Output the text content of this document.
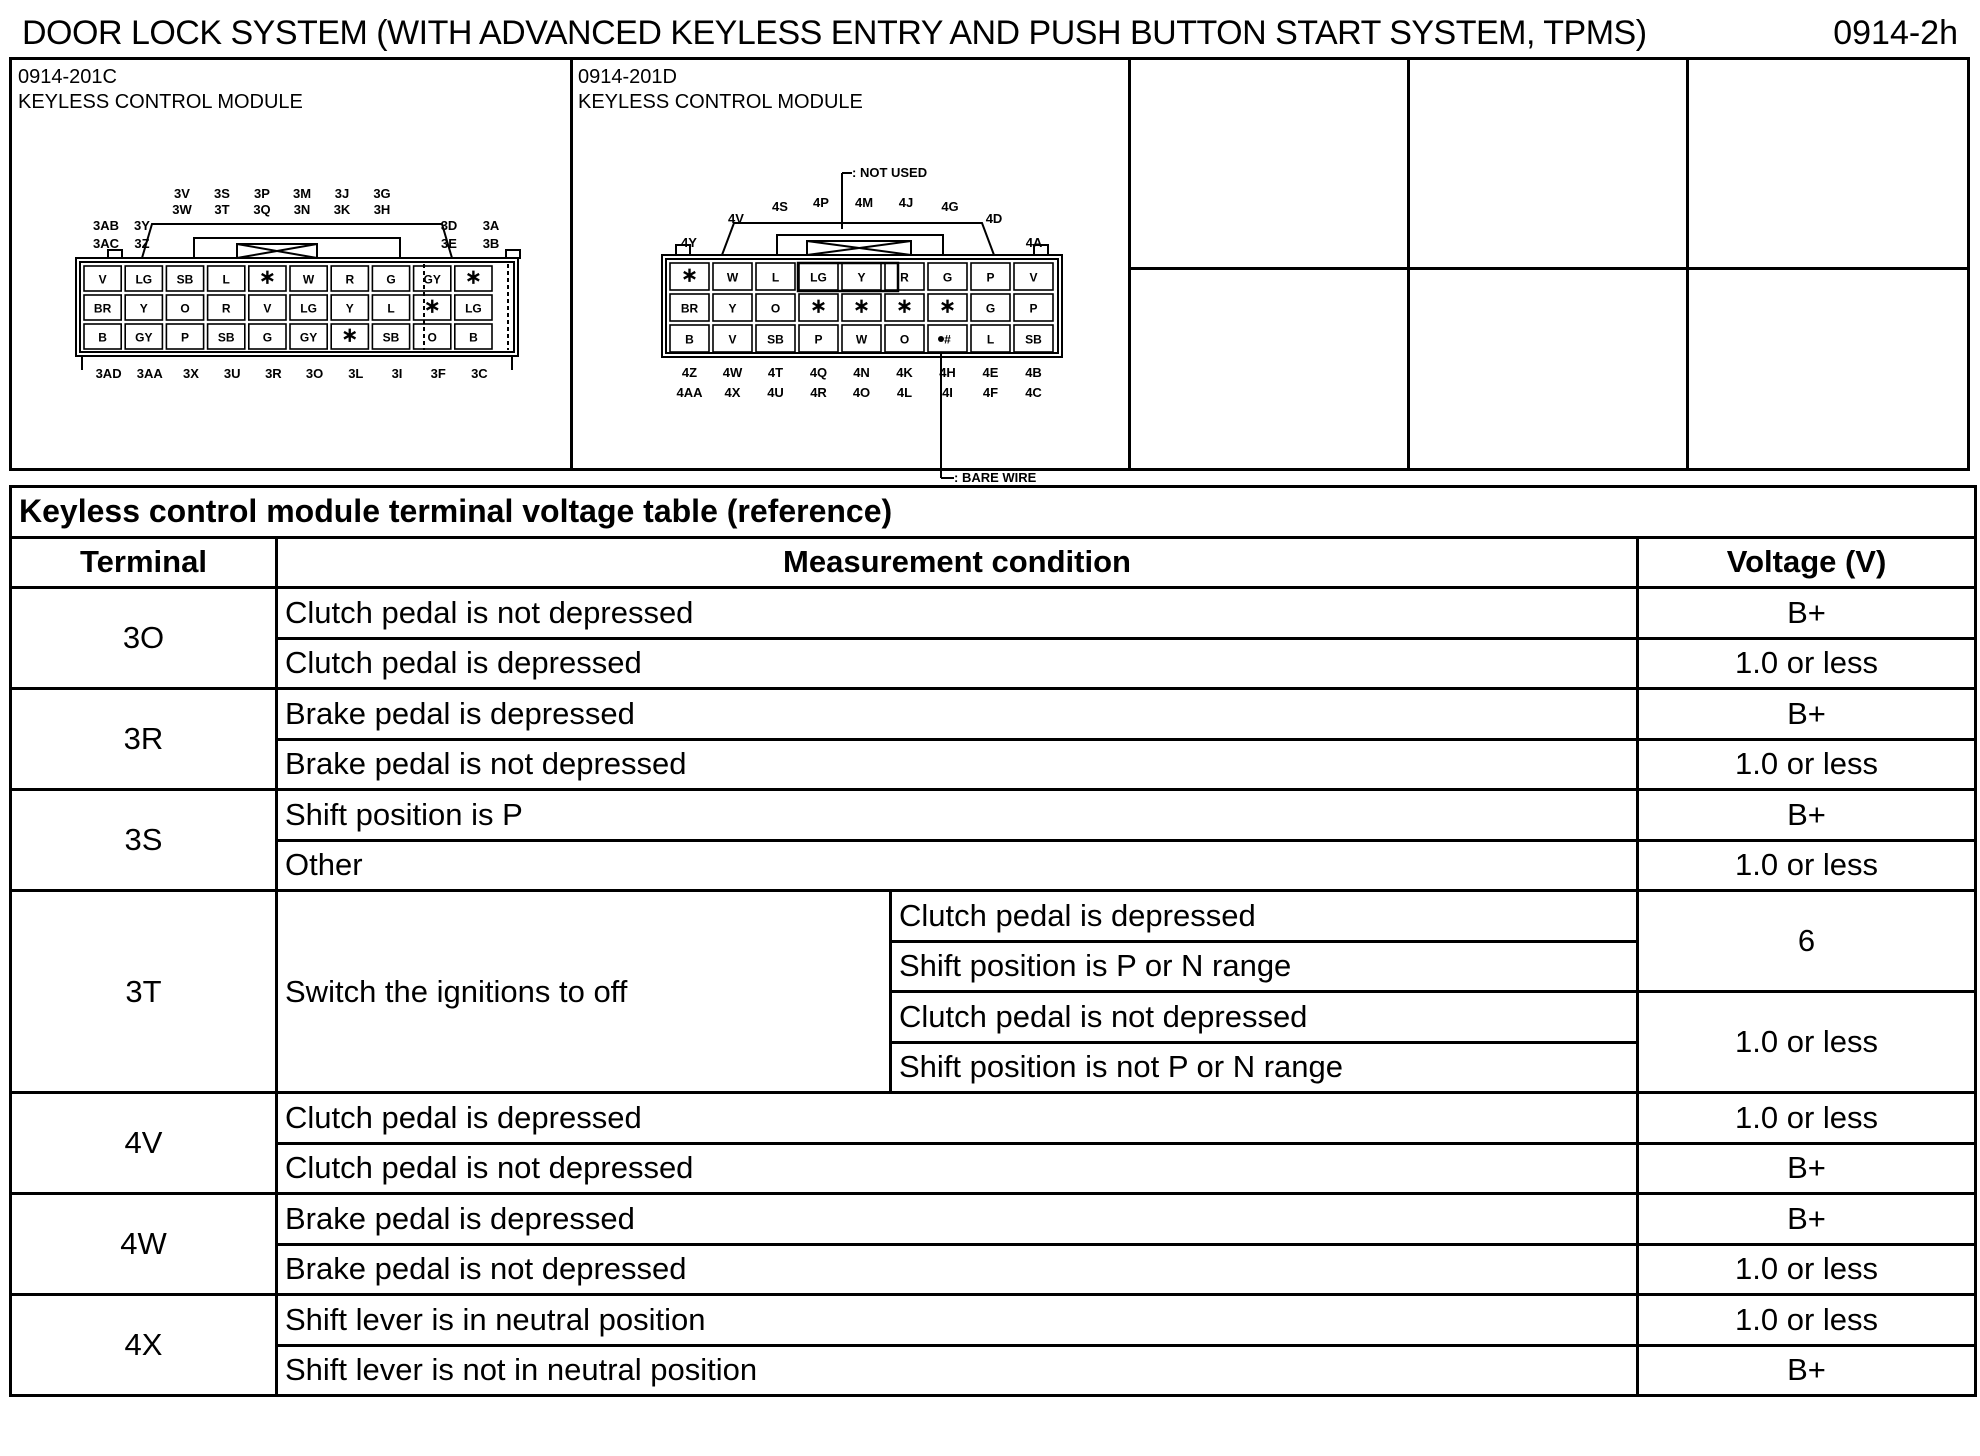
DOOR LOCK SYSTEM (WITH ADVANCED KEYLESS ENTRY AND PUSH BUTTON START SYSTEM, TPMS)	0914-2h
0914-201C
KEYLESS CONTROL MODULE
0914-201D
KEYLESS CONTROL MODULE
V LG SB L ∗ W	R	G GY ∗
BR Y	O	R	V LG Y	L ∗ LG
B GY P SB G GY ∗ SB O	B
3V 3S 3P 3M 3J 3G
3W 3T 3Q 3N 3K 3H
3AB 3Y
3AC 3Z
3D 3A
3E 3B
3AD 3AA 3X 3U 3R 3O 3L 3I 3F 3C
∗ W	L	LG	Y	R	G	P	V
BR	Y	O ∗ ∗ ∗ ∗ G	P
B	V	SB	P	W	O	#	L	SB
4Y
4V
4S 4P 4M 4J 4G
4D
4A
4Z 4W 4T 4Q 4N 4K 4H 4E 4B
4AA 4X 4U 4R 4O 4L 4I 4F 4C
: NOT USED
: BARE WIRE
Keyless control module terminal voltage table (reference)			
Terminal	Measurement condition		Voltage (V)
3O	Clutch pedal is not depressed		B+
	Clutch pedal is depressed		1.0 or less
3R	Brake pedal is depressed		B+
	Brake pedal is not depressed		1.0 or less
3S	Shift position is P		B+
	Other		1.0 or less
3T	Switch the ignitions to off	Clutch pedal is depressed	6
		Shift position is P or N range	
		Clutch pedal is not depressed	1.0 or less
		Shift position is not P or N range	
4V	Clutch pedal is depressed		1.0 or less
	Clutch pedal is not depressed		B+
4W	Brake pedal is depressed		B+
	Brake pedal is not depressed		1.0 or less
4X	Shift lever is in neutral position		1.0 or less
	Shift lever is not in neutral position		B+
